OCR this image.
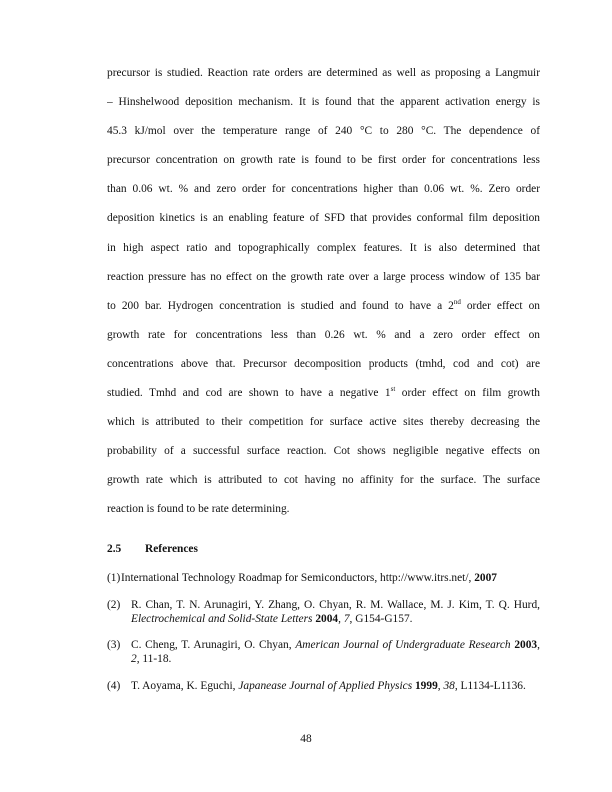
precursor is studied. Reaction rate orders are determined as well as proposing a Langmuir
– Hinshelwood deposition mechanism. It is found that the apparent activation energy is
45.3 kJ/mol over the temperature range of 240 °C to 280 °C. The dependence of
precursor concentration on growth rate is found to be first order for concentrations less
than 0.06 wt. % and zero order for concentrations higher than 0.06 wt. %. Zero order
deposition kinetics is an enabling feature of SFD that provides conformal film deposition
in high aspect ratio and topographically complex features. It is also determined that
reaction pressure has no effect on the growth rate over a large process window of 135 bar
to 200 bar. Hydrogen concentration is studied and found to have a 2nd order effect on
growth rate for concentrations less than 0.26 wt. % and a zero order effect on
concentrations above that. Precursor decomposition products (tmhd, cod and cot) are
studied. Tmhd and cod are shown to have a negative 1st order effect on film growth
which is attributed to their competition for surface active sites thereby decreasing the
probability of a successful surface reaction. Cot shows negligible negative effects on
growth rate which is attributed to cot having no affinity for the surface. The surface
reaction is found to be rate determining.
2.5 References
(1)International Technology Roadmap for Semiconductors, http://www.itrs.net/, 2007
(2) R. Chan, T. N. Arunagiri, Y. Zhang, O. Chyan, R. M. Wallace, M. J. Kim, T. Q. Hurd, Electrochemical and Solid-State Letters 2004, 7, G154-G157.
(3) C. Cheng, T. Arunagiri, O. Chyan, American Journal of Undergraduate Research 2003, 2, 11-18.
(4) T. Aoyama, K. Eguchi, Japanease Journal of Applied Physics 1999, 38, L1134-L1136.
48
